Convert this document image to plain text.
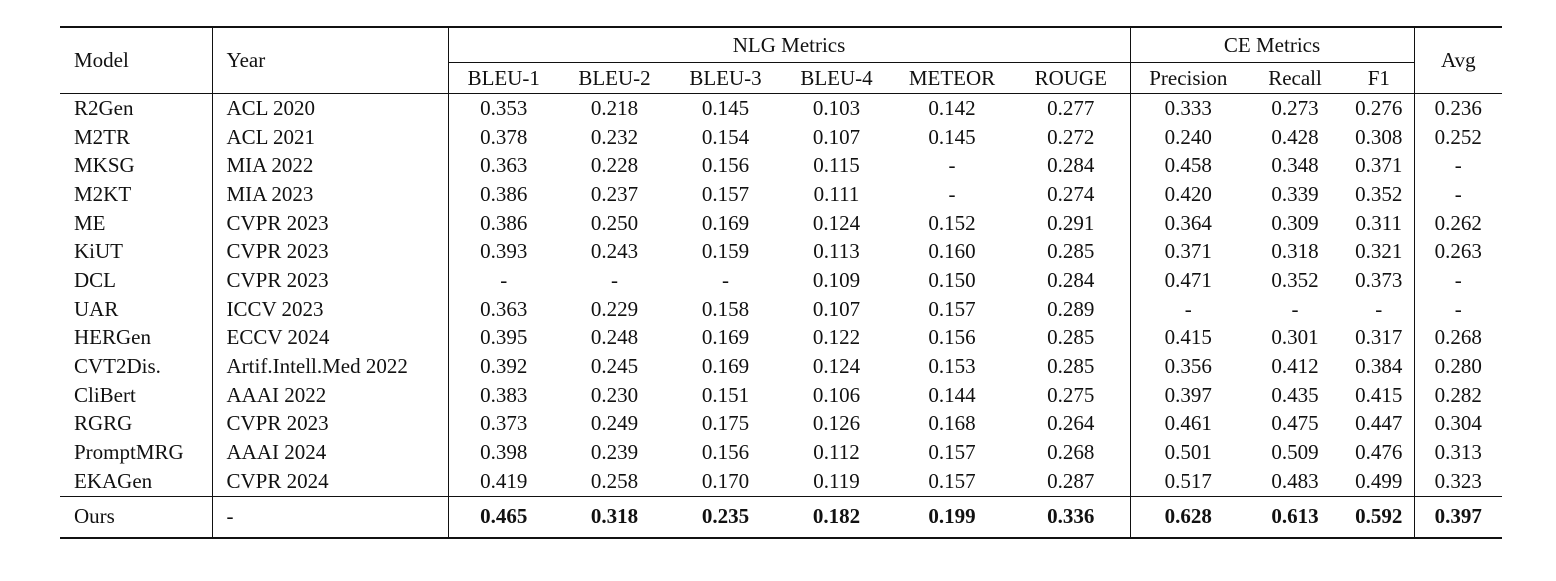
Model	Year	NLG Metrics						CE Metrics			Avg
		BLEU-1	BLEU-2	BLEU-3	BLEU-4	METEOR	ROUGE	Precision	Recall	F1	
R2Gen	ACL 2020	0.353	0.218	0.145	0.103	0.142	0.277	0.333	0.273	0.276	0.236
M2TR	ACL 2021	0.378	0.232	0.154	0.107	0.145	0.272	0.240	0.428	0.308	0.252
MKSG	MIA 2022	0.363	0.228	0.156	0.115	-	0.284	0.458	0.348	0.371	-
M2KT	MIA 2023	0.386	0.237	0.157	0.111	-	0.274	0.420	0.339	0.352	-
ME	CVPR 2023	0.386	0.250	0.169	0.124	0.152	0.291	0.364	0.309	0.311	0.262
KiUT	CVPR 2023	0.393	0.243	0.159	0.113	0.160	0.285	0.371	0.318	0.321	0.263
DCL	CVPR 2023	-	-	-	0.109	0.150	0.284	0.471	0.352	0.373	-
UAR	ICCV 2023	0.363	0.229	0.158	0.107	0.157	0.289	-	-	-	-
HERGen	ECCV 2024	0.395	0.248	0.169	0.122	0.156	0.285	0.415	0.301	0.317	0.268
CVT2Dis.	Artif.Intell.Med 2022	0.392	0.245	0.169	0.124	0.153	0.285	0.356	0.412	0.384	0.280
CliBert	AAAI 2022	0.383	0.230	0.151	0.106	0.144	0.275	0.397	0.435	0.415	0.282
RGRG	CVPR 2023	0.373	0.249	0.175	0.126	0.168	0.264	0.461	0.475	0.447	0.304
PromptMRG	AAAI 2024	0.398	0.239	0.156	0.112	0.157	0.268	0.501	0.509	0.476	0.313
EKAGen	CVPR 2024	0.419	0.258	0.170	0.119	0.157	0.287	0.517	0.483	0.499	0.323
Ours	-	0.465	0.318	0.235	0.182	0.199	0.336	0.628	0.613	0.592	0.397
